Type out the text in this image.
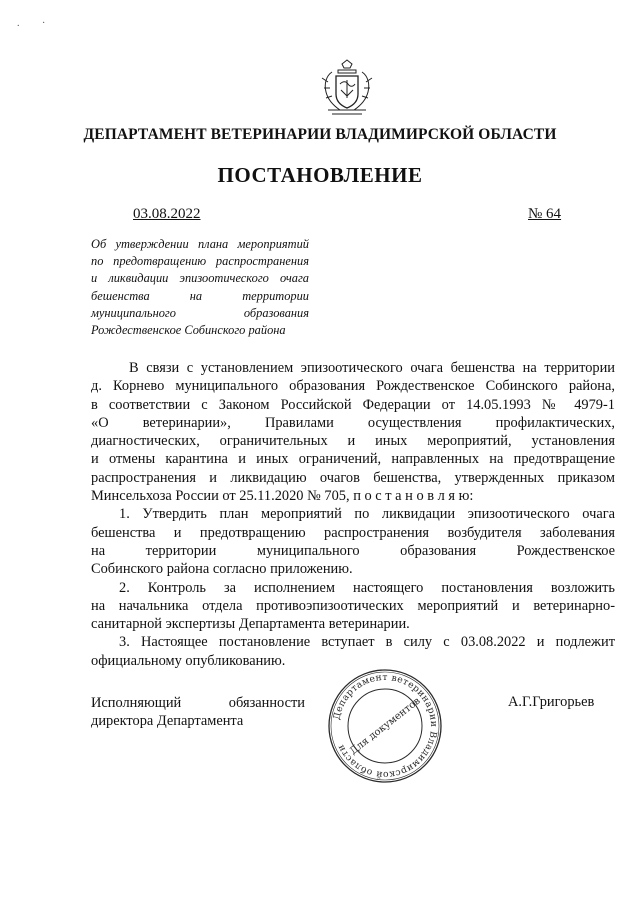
. ·
ДЕПАРТАМЕНТ ВЕТЕРИНАРИИ ВЛАДИМИРСКОЙ ОБЛАСТИ
ПОСТАНОВЛЕНИЕ
03.08.2022	№ 64
Об утверждении плана мероприятий
по предотвращению распространения
и ликвидации эпизоотического очага
бешенства на территории
муниципального образования
Рождественское Собинского района
В связи с установлением эпизоотического очага бешенства на территории
д. Корнево муниципального образования Рождественское Собинского района,
в соответствии с Законом Российской Федерации от 14.05.1993 № 4979-1
«О ветеринарии», Правилами осуществления профилактических,
диагностических, ограничительных и иных мероприятий, установления
и отмены карантина и иных ограничений, направленных на предотвращение
распространения и ликвидацию очагов бешенства, утвержденных приказом
Минсельхоза России от 25.11.2020 № 705, п о с т а н о в л я ю:
1. Утвердить план мероприятий по ликвидации эпизоотического очага
бешенства и предотвращению распространения возбудителя заболевания
на территории муниципального образования Рождественское
Собинского района согласно приложению.
2. Контроль за исполнением настоящего постановления возложить
на начальника отдела противоэпизоотических мероприятий и ветеринарно-
санитарной экспертизы Департамента ветеринарии.
3. Настоящее постановление вступает в силу с 03.08.2022 и подлежит
официальному опубликованию.
Исполняющий обязанности
директора Департамента	Департамент ветеринарии Владимирской области Для документов	А.Г.Григорьев
